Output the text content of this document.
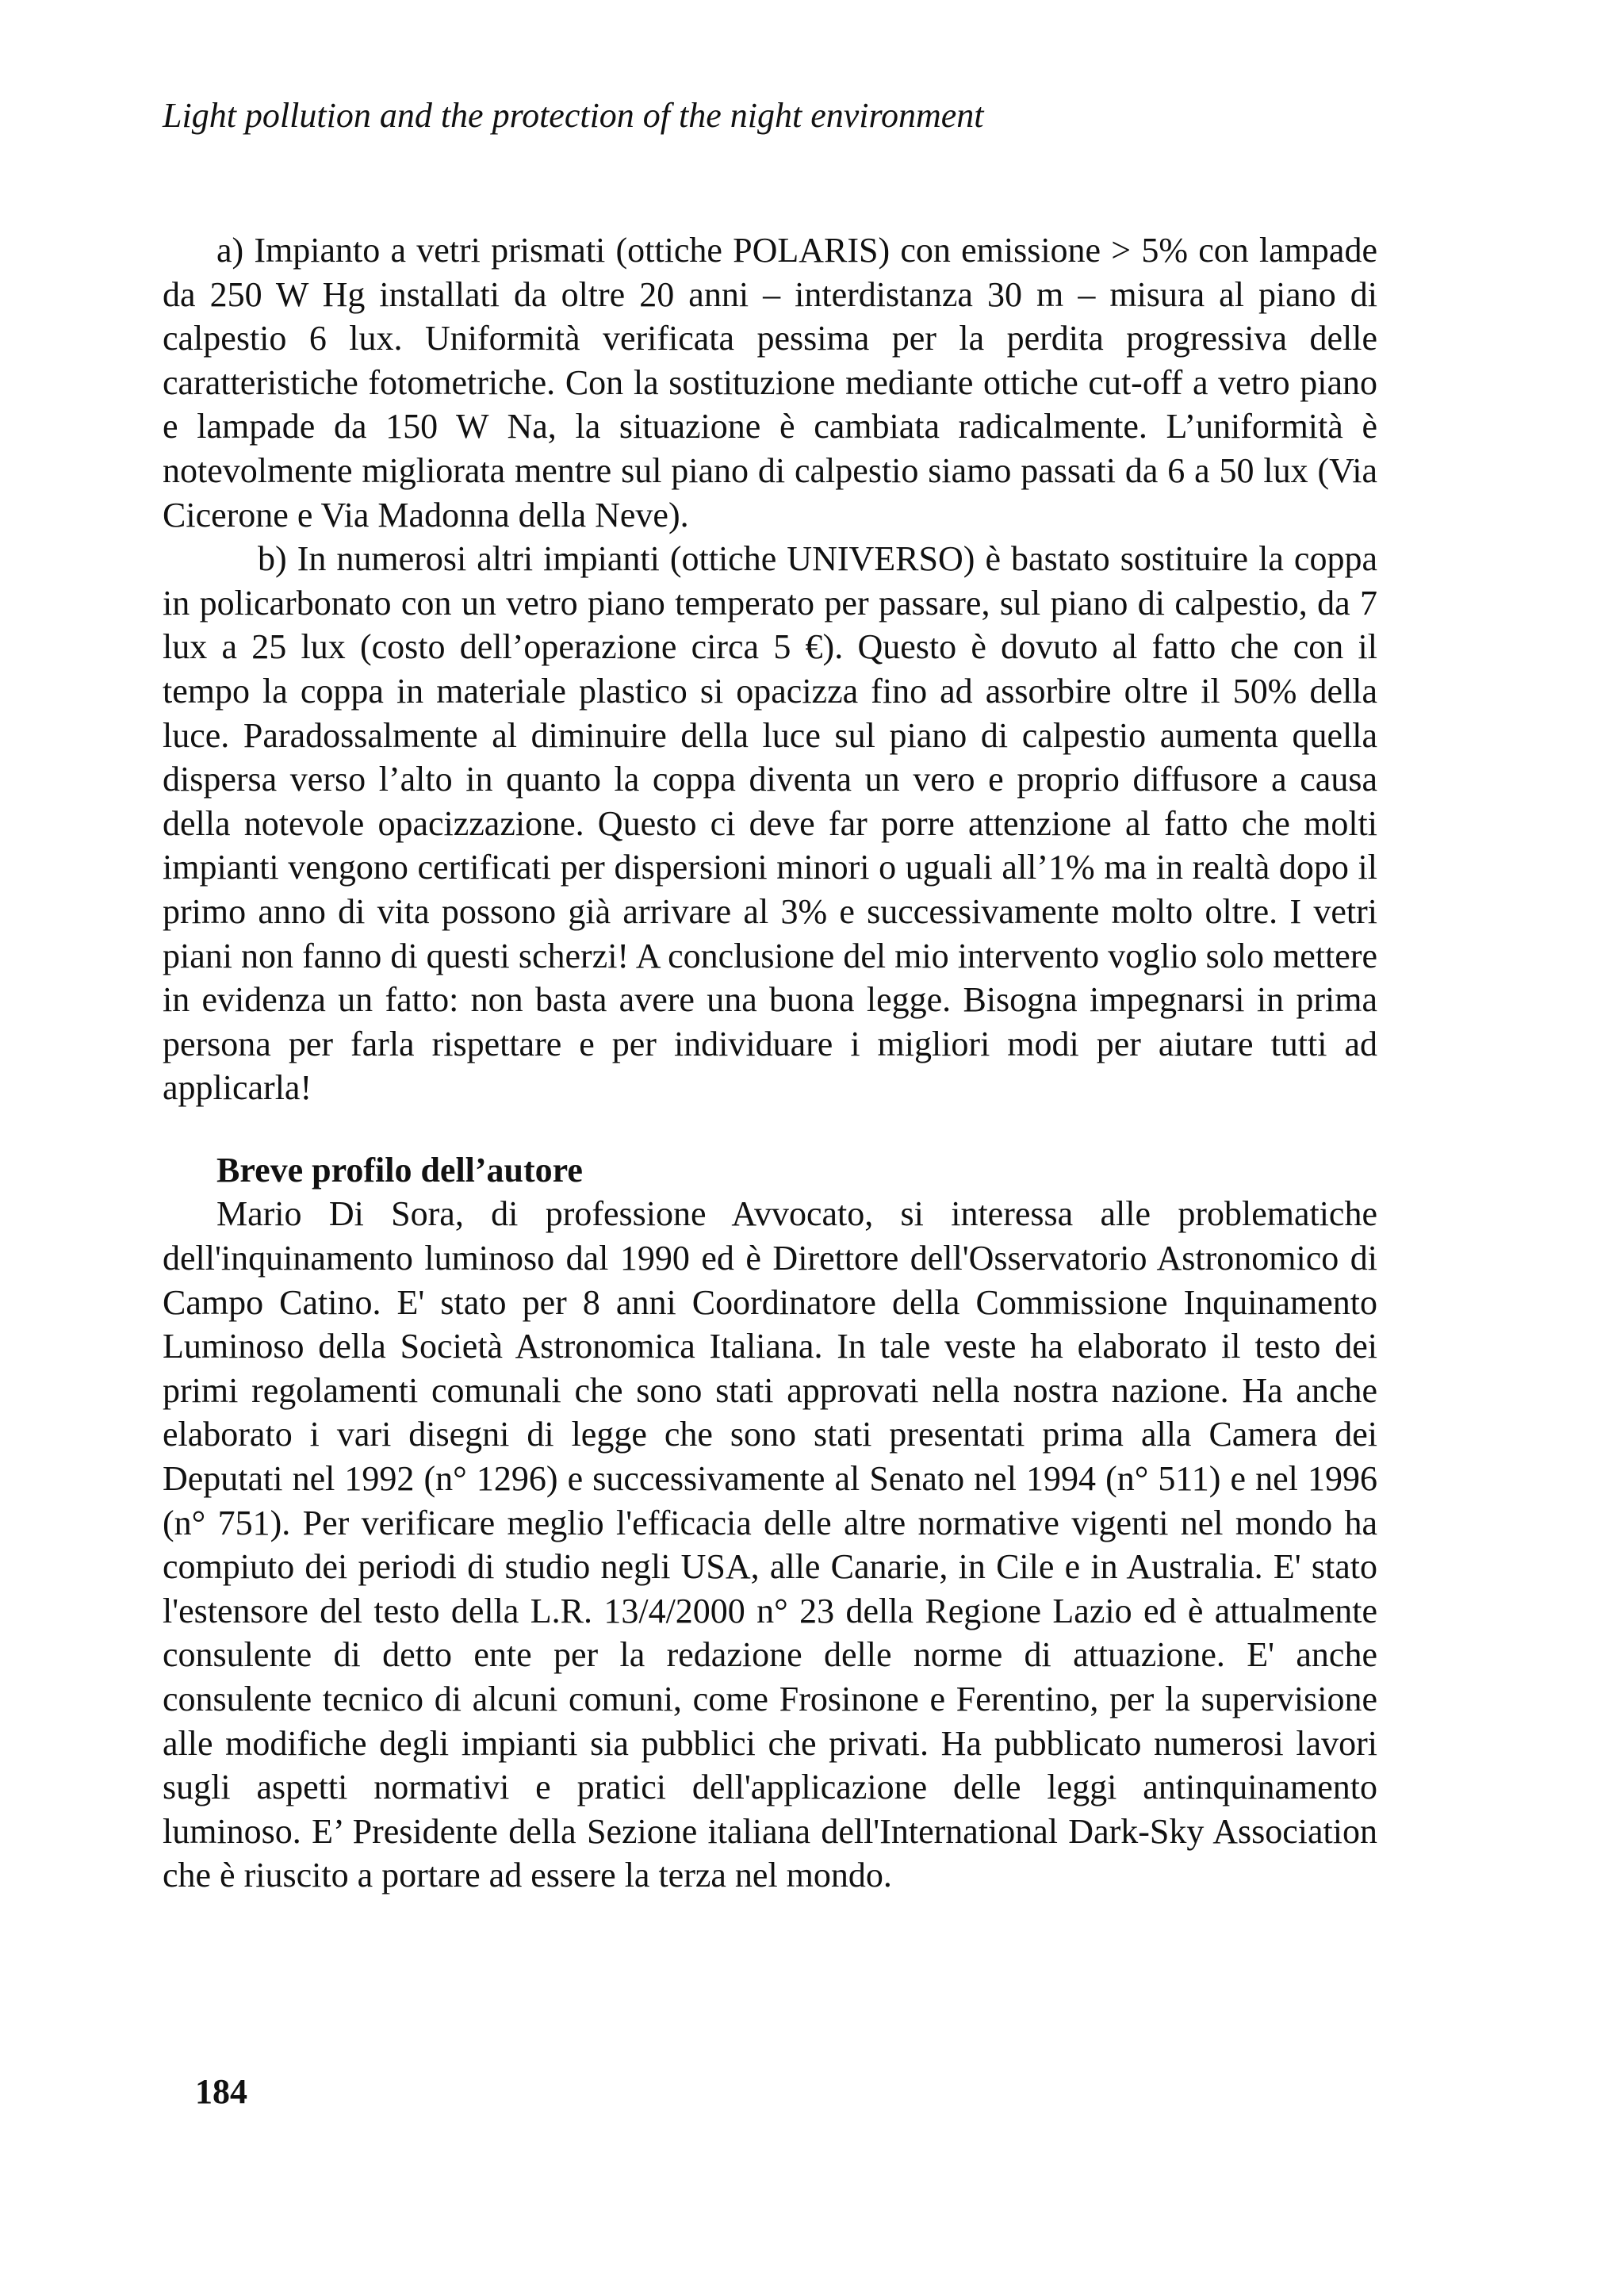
Light pollution and the protection of the night environment

a) Impianto a vetri prismati (ottiche POLARIS) con emissione > 5% con lampade da 250 W Hg installati da oltre 20 anni – interdistanza 30 m – misura al piano di calpestio 6 lux. Uniformità verificata pessima per la perdita progressiva delle caratteristiche fotometriche. Con la sostituzione mediante ottiche cut-off a vetro piano e lampade da 150 W Na, la situazione è cambiata radicalmente. L’uniformità è notevolmente migliorata mentre sul piano di calpestio siamo passati da 6 a 50 lux (Via Cicerone e Via Madonna della Neve).

b) In numerosi altri impianti (ottiche UNIVERSO) è bastato sostituire la coppa in policarbonato con un vetro piano temperato per passare, sul piano di calpestio, da 7 lux a 25 lux (costo dell’operazione circa 5 €). Questo è dovuto al fatto che con il tempo la coppa in materiale plastico si opacizza fino ad assorbire oltre il 50% della luce. Paradossalmente al diminuire della luce sul piano di calpestio aumenta quella dispersa verso l’alto in quanto la coppa diventa un vero e proprio diffusore a causa della notevole opacizzazione. Questo ci deve far porre attenzione al fatto che molti impianti vengono certificati per dispersioni minori o uguali all’1% ma in realtà dopo il primo anno di vita possono già arrivare al 3% e successivamente molto oltre. I vetri piani non fanno di questi scherzi! A conclusione del mio intervento voglio solo mettere in evidenza un fatto: non basta avere una buona legge. Bisogna impegnarsi in prima persona per farla rispettare e per individuare i migliori modi per aiutare tutti ad applicarla!

Breve profilo dell’autore

Mario Di Sora, di professione Avvocato, si interessa alle problematiche dell'inquinamento luminoso dal 1990 ed è Direttore dell'Osservatorio Astronomico di Campo Catino. E' stato per 8 anni Coordinatore della Commissione Inquinamento Luminoso della Società Astronomica Italiana. In tale veste ha elaborato il testo dei primi regolamenti comunali che sono stati approvati nella nostra nazione. Ha anche elaborato i vari disegni di legge che sono stati presentati prima alla Camera dei Deputati nel 1992 (n° 1296) e successivamente al Senato nel 1994 (n° 511) e nel 1996 (n° 751). Per verificare meglio l'efficacia delle altre normative vigenti nel mondo ha compiuto dei periodi di studio negli USA, alle Canarie, in Cile e in Australia. E' stato l'estensore del testo della L.R. 13/4/2000 n° 23 della Regione Lazio ed è attualmente consulente di detto ente per la redazione delle norme di attuazione. E' anche consulente tecnico di alcuni comuni, come Frosinone e Ferentino, per la supervisione alle modifiche degli impianti sia pubblici che privati. Ha pubblicato numerosi lavori sugli aspetti normativi e pratici dell'applicazione delle leggi antinquinamento luminoso. E’ Presidente della Sezione italiana dell'International Dark-Sky Association che è riuscito a portare ad essere la terza nel mondo.

184
